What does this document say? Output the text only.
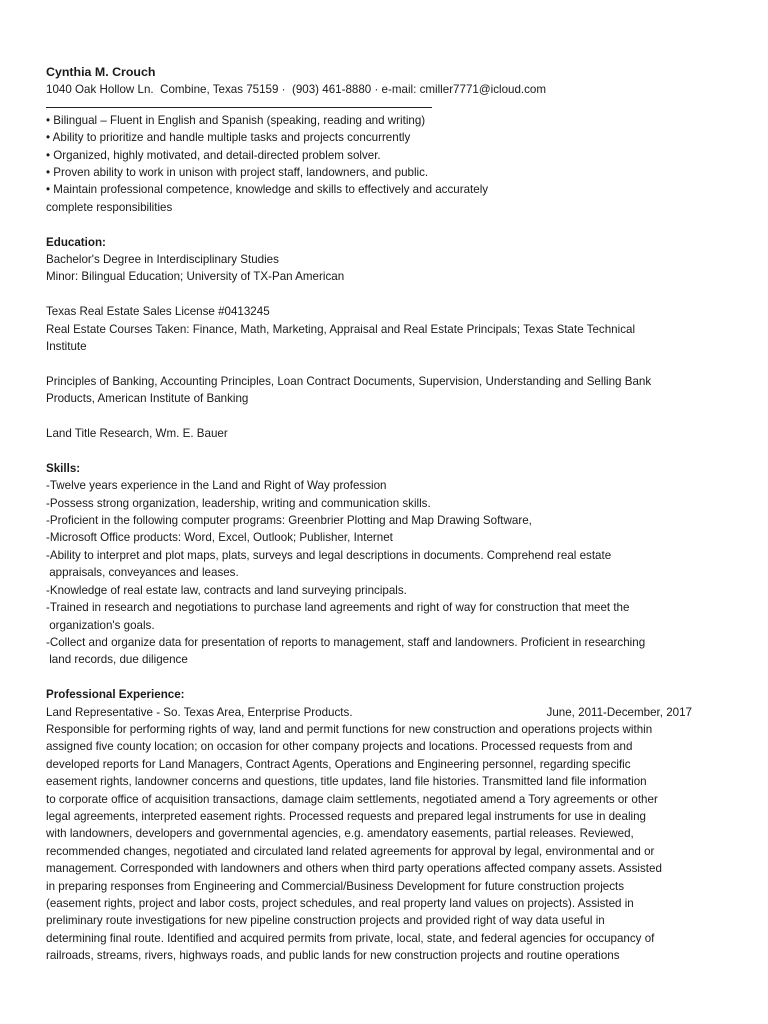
Cynthia M. Crouch
1040 Oak Hollow Ln.  Combine, Texas 75159 ·  (903) 461-8880 · e-mail: cmiller7771@icloud.com
• Bilingual – Fluent in English and Spanish (speaking, reading and writing)
• Ability to prioritize and handle multiple tasks and projects concurrently
• Organized, highly motivated, and detail-directed problem solver.
• Proven ability to work in unison with project staff, landowners, and public.
• Maintain professional competence, knowledge and skills to effectively and accurately
complete responsibilities
Education:
Bachelor's Degree in Interdisciplinary Studies
Minor: Bilingual Education; University of TX-Pan American
Texas Real Estate Sales License #0413245
Real Estate Courses Taken: Finance, Math, Marketing, Appraisal and Real Estate Principals; Texas State Technical
Institute
Principles of Banking, Accounting Principles, Loan Contract Documents, Supervision, Understanding and Selling Bank
Products, American Institute of Banking
Land Title Research, Wm. E. Bauer
Skills:
-Twelve years experience in the Land and Right of Way profession
-Possess strong organization, leadership, writing and communication skills.
-Proficient in the following computer programs: Greenbrier Plotting and Map Drawing Software,
-Microsoft Office products: Word, Excel, Outlook; Publisher, Internet
-Ability to interpret and plot maps, plats, surveys and legal descriptions in documents. Comprehend real estate
appraisals, conveyances and leases.
-Knowledge of real estate law, contracts and land surveying principals.
-Trained in research and negotiations to purchase land agreements and right of way for construction that meet the
organization's goals.
-Collect and organize data for presentation of reports to management, staff and landowners. Proficient in researching
land records, due diligence
Professional Experience:
Land Representative - So. Texas Area, Enterprise Products.	June, 2011-December, 2017
Responsible for performing rights of way, land and permit functions for new construction and operations projects within
assigned five county location; on occasion for other company projects and locations. Processed requests from and
developed reports for Land Managers, Contract Agents, Operations and Engineering personnel, regarding specific
easement rights, landowner concerns and questions, title updates, land file histories. Transmitted land file information
to corporate office of acquisition transactions, damage claim settlements, negotiated amend a Tory agreements or other
legal agreements, interpreted easement rights. Processed requests and prepared legal instruments for use in dealing
with landowners, developers and governmental agencies, e.g. amendatory easements, partial releases. Reviewed,
recommended changes, negotiated and circulated land related agreements for approval by legal, environmental and or
management. Corresponded with landowners and others when third party operations affected company assets. Assisted
in preparing responses from Engineering and Commercial/Business Development for future construction projects
(easement rights, project and labor costs, project schedules, and real property land values on projects). Assisted in
preliminary route investigations for new pipeline construction projects and provided right of way data useful in
determining final route. Identified and acquired permits from private, local, state, and federal agencies for occupancy of
railroads, streams, rivers, highways roads, and public lands for new construction projects and routine operations
